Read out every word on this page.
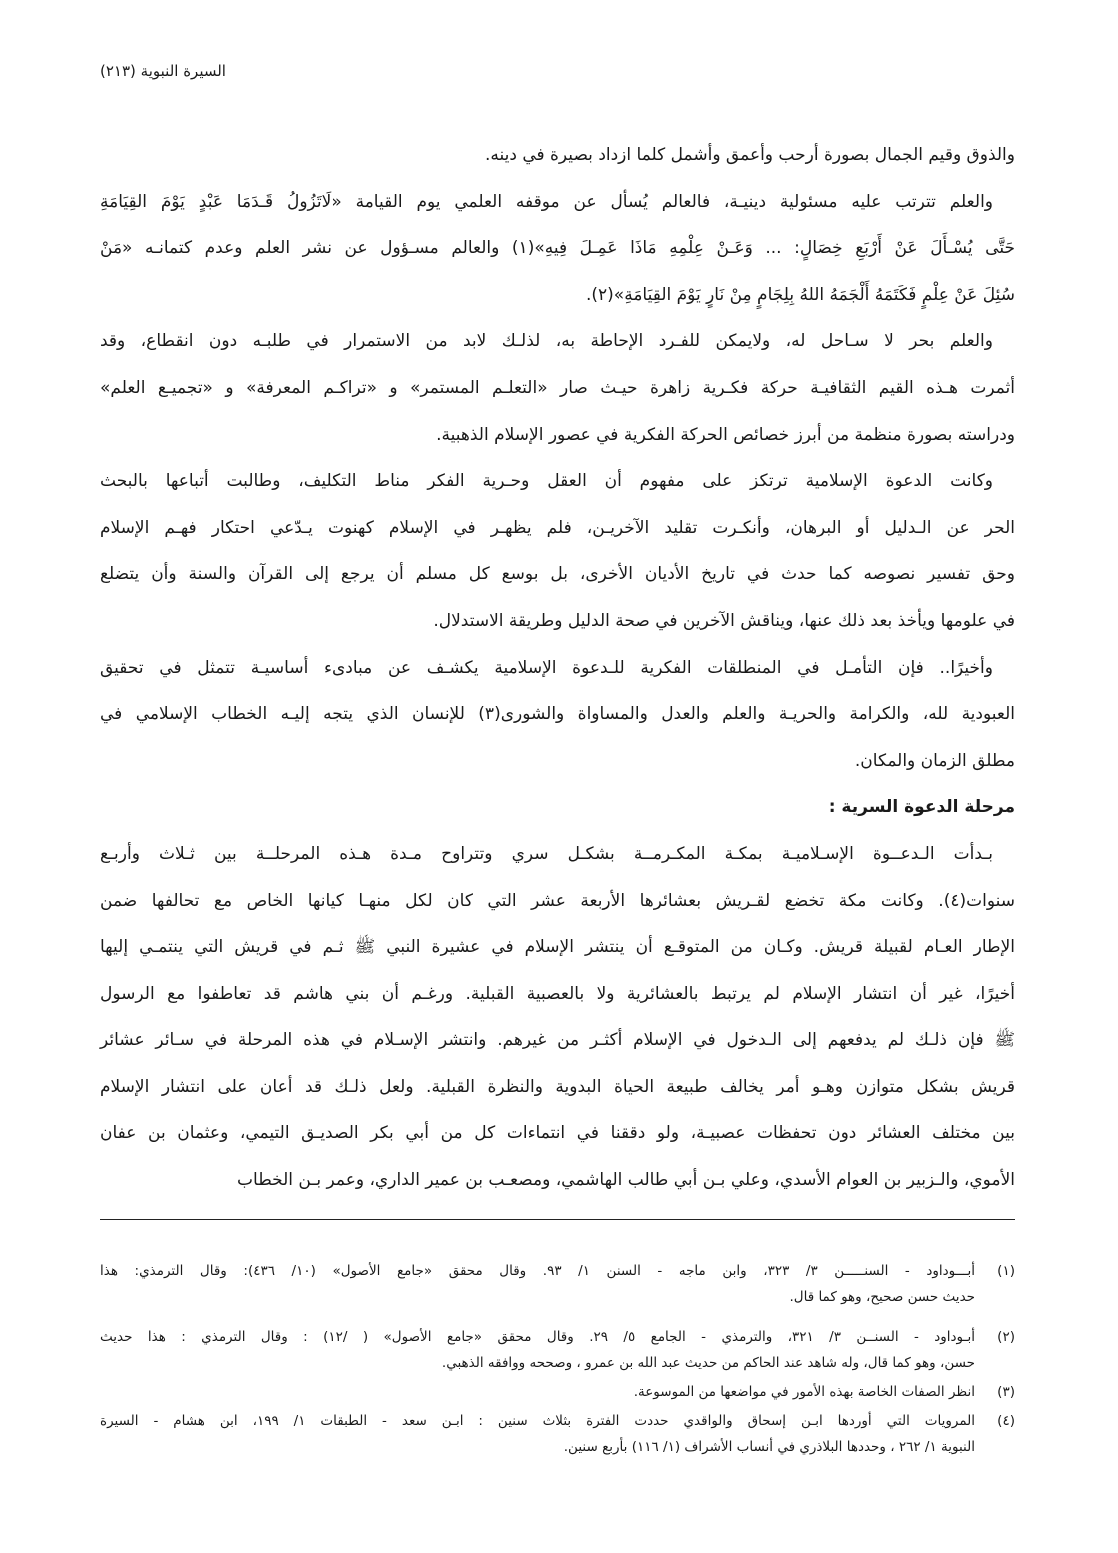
السيرة النبوية (٢١٣)
والذوق وقيم الجمال بصورة أرحب وأعمق وأشمل كلما ازداد بصيرة في دينه.
والعلم تترتب عليه مسئولية دينيـة، فالعالم يُسأل عن موقفه العلمي يوم القيامة «لَاتَزُولُ قَـدَمَا عَبْدٍ يَوْمَ القِيَامَةِ
حَتَّى يُسْـأَلَ عَنْ أَرْبَعِ خِصَالٍ: ... وَعَـنْ عِلْمِهِ مَاذَا عَمِـلَ فِيهِ»(١) والعالم مسـؤول عن نشر العلم وعدم كتمانـه «مَنْ
سُئِلَ عَنْ عِلْمٍ فَكَتَمَهُ أَلْجَمَهُ اللهُ بِلِجَامٍ مِنْ نَارٍ يَوْمَ القِيَامَةِ»(٢).
والعلم بحر لا سـاحل له، ولايمكن للفـرد الإحاطة به، لذلـك لابد من الاستمرار في طلبـه دون انقطاع، وقد
أثمرت هـذه القيم الثقافيـة حركة فكـرية زاهرة حيـث صار «التعلـم المستمر» و «تراكـم المعرفة» و «تجميـع العلم»
ودراسته بصورة منظمة من أبرز خصائص الحركة الفكرية في عصور الإسلام الذهبية.
وكانت الدعوة الإسلامية ترتكز على مفهوم أن العقل وحـرية الفكر مناط التكليف، وطالبت أتباعها بالبحث
الحر عن الـدليل أو البرهان، وأنكـرت تقليد الآخريـن، فلم يظهـر في الإسلام كهنوت يـدّعي احتكار فهـم الإسلام
وحق تفسير نصوصه كما حدث في تاريخ الأديان الأخرى، بل بوسع كل مسلم أن يرجع إلى القرآن والسنة وأن يتضلع
في علومها ويأخذ بعد ذلك عنها، ويناقش الآخرين في صحة الدليل وطريقة الاستدلال.
وأخيرًا.. فإن التأمـل في المنطلقات الفكرية للـدعوة الإسلامية يكشـف عن مبادىء أساسيـة تتمثل في تحقيق
العبودية لله، والكرامة والحريـة والعلم والعدل والمساواة والشورى(٣) للإنسان الذي يتجه إليـه الخطاب الإسلامي في
مطلق الزمان والمكان.
مرحلة الدعوة السرية :
بـدأت الـدعــوة الإسـلاميـة بمكـة المكـرمــة بشكـل سري وتتراوح مـدة هـذه المرحلــة بين ثـلاث وأربـع
سنوات(٤). وكانت مكة تخضع لقـريش بعشائرها الأربعة عشر التي كان لكل منهـا كيانها الخاص مع تحالفها ضمن
الإطار العـام لقبيلة قريش. وكـان من المتوقـع أن ينتشر الإسلام في عشيرة النبي ﷺ ثـم في قريش التي ينتمـي إليها
أخيرًا، غير أن انتشار الإسلام لم يرتبط بالعشائرية ولا بالعصبية القبلية. ورغـم أن بني هاشم قد تعاطفوا مع الرسول
ﷺ فإن ذلـك لم يدفعهم إلى الـدخول في الإسلام أكثـر من غيرهم. وانتشر الإسـلام في هذه المرحلة في سـائر عشائر
قريش بشكل متوازن وهـو أمر يخالف طبيعة الحياة البدوية والنظرة القبلية. ولعل ذلـك قد أعان على انتشار الإسلام
بين مختلف العشائر دون تحفظات عصبيـة، ولو دققنا في انتماءات كل من أبي بكر الصديـق التيمي، وعثمان بن عفان
الأموي، والـزبير بن العوام الأسدي، وعلي بـن أبي طالب الهاشمي، ومصعـب بن عمير الداري، وعمر بـن الخطاب
(١)
أبـــوداود - السنـــــن ٣/ ٣٢٣، وابن ماجه - السنن ١/ ٩٣. وقال محقق «جامع الأصول» (١٠/ ٤٣٦): وقال الترمذي: هذا
حديث حسن صحيح، وهو كما قال.
(٢)
أبـوداود - السنــن ٣/ ٣٢١، والترمذي - الجامع ٥/ ٢٩. وقال محقق «جامع الأصول» ( /١٢) : وقال الترمذي : هذا حديث
حسن، وهو كما قال، وله شاهد عند الحاكم من حديث عبد الله بن عمرو ، وصححه ووافقه الذهبي.
(٣)
انظر الصفات الخاصة بهذه الأمور في مواضعها من الموسوعة.
(٤)
المرويات التي أوردها ابـن إسحاق والواقدي حددت الفترة بثلاث سنين : ابـن سعد - الطبقات ١/ ١٩٩، ابن هشام - السيرة
النبوية ١/ ٢٦٢ ، وحددها البلاذري في أنساب الأشراف (١/ ١١٦) بأربع سنين.
